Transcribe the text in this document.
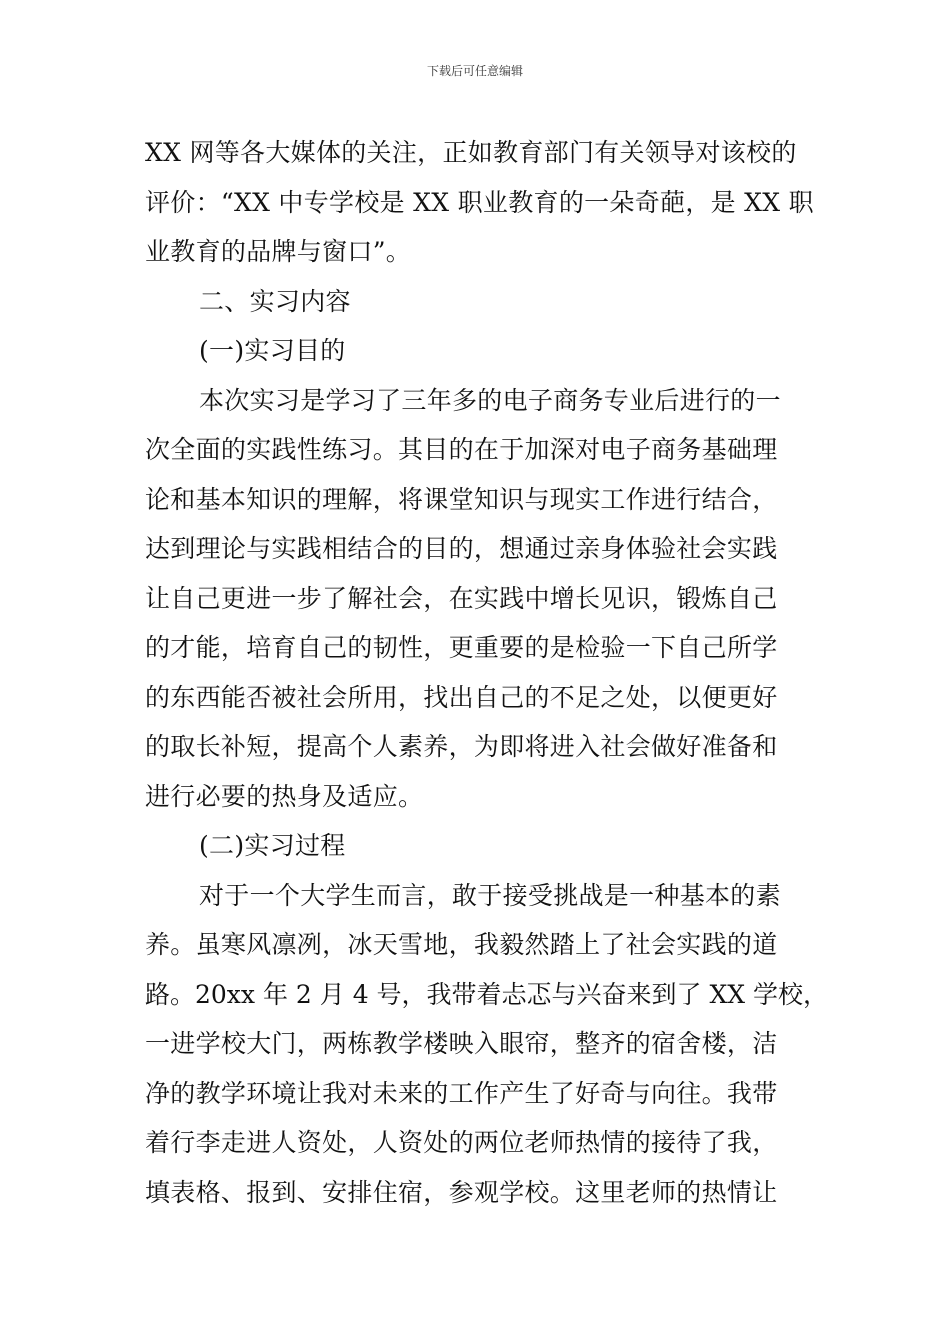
下载后可任意编辑
XX 网等各大媒体的关注，正如教育部门有关领导对该校的
评价：“XX 中专学校是 XX 职业教育的一朵奇葩，是 XX 职
业教育的品牌与窗口”。
二、实习内容
(一)实习目的
本次实习是学习了三年多的电子商务专业后进行的一
次全面的实践性练习。其目的在于加深对电子商务基础理
论和基本知识的理解，将课堂知识与现实工作进行结合，
达到理论与实践相结合的目的，想通过亲身体验社会实践
让自己更进一步了解社会，在实践中增长见识，锻炼自己
的才能，培育自己的韧性，更重要的是检验一下自己所学
的东西能否被社会所用，找出自己的不足之处，以便更好
的取长补短，提高个人素养，为即将进入社会做好准备和
进行必要的热身及适应。
(二)实习过程
对于一个大学生而言，敢于接受挑战是一种基本的素
养。虽寒风凛冽，冰天雪地，我毅然踏上了社会实践的道
路。20xx 年 2 月 4 号，我带着忐忑与兴奋来到了 XX 学校，
一进学校大门，两栋教学楼映入眼帘，整齐的宿舍楼，洁
净的教学环境让我对未来的工作产生了好奇与向往。我带
着行李走进人资处，人资处的两位老师热情的接待了我，
填表格、报到、安排住宿，参观学校。这里老师的热情让
